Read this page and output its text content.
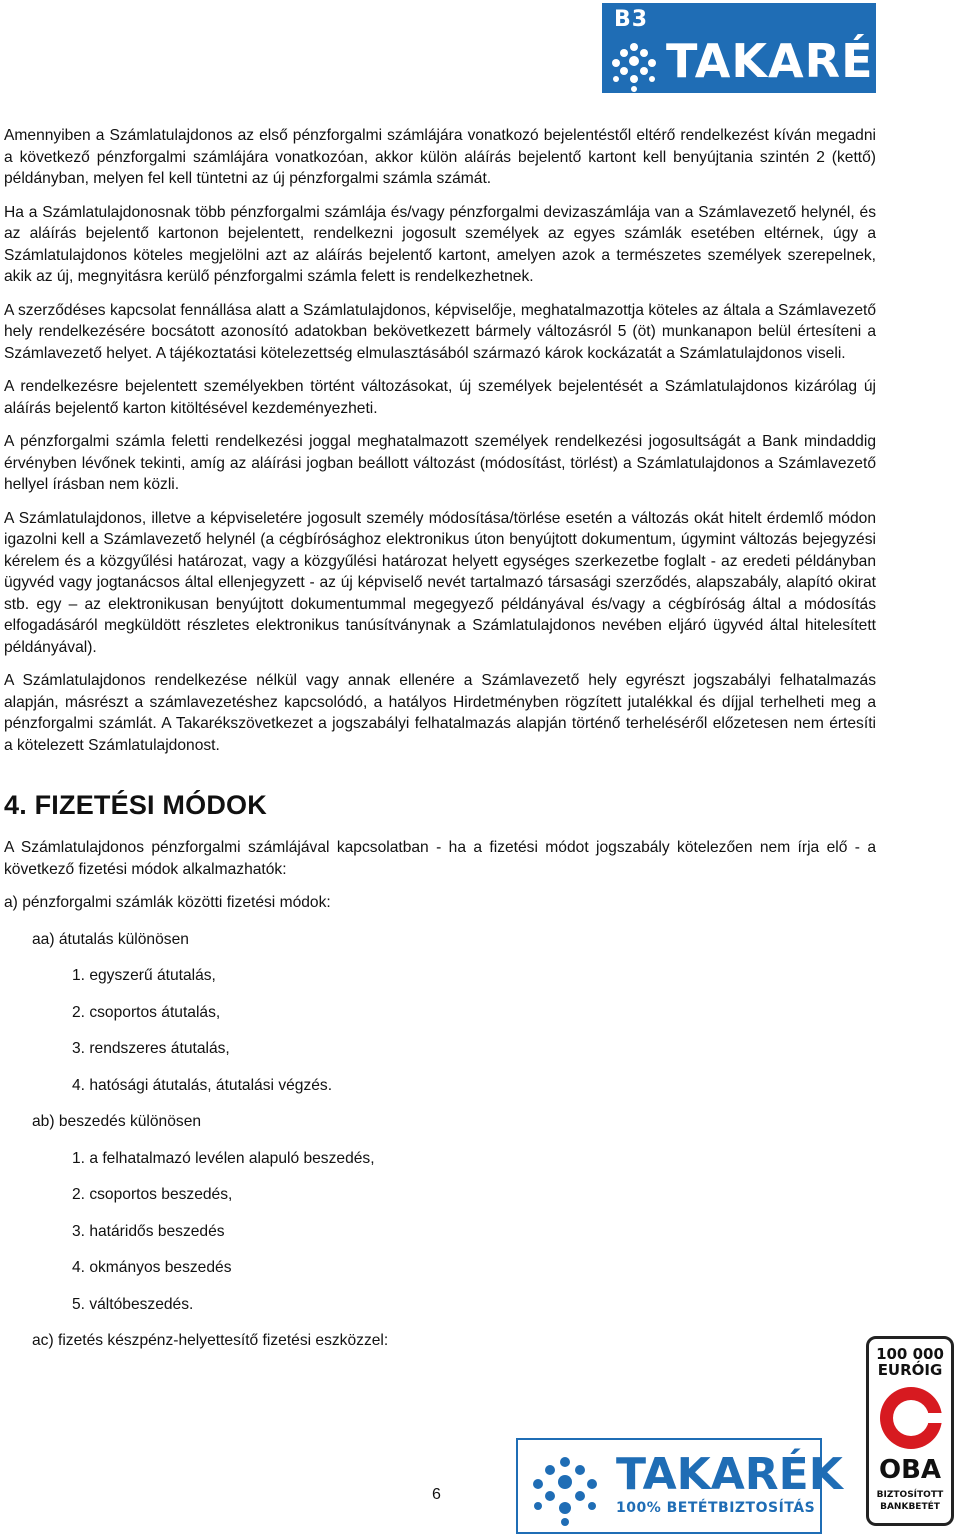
B3
TAKARÉK

Amennyiben a Számlatulajdonos az első pénzforgalmi számlájára vonatkozó bejelentéstől eltérő rendelkezést kíván megadni a következő pénzforgalmi számlájára vonatkozóan, akkor külön aláírás bejelentő kartont kell benyújtania szintén 2 (kettő) példányban, melyen fel kell tüntetni az új pénzforgalmi számla számát.

Ha a Számlatulajdonosnak több pénzforgalmi számlája és/vagy pénzforgalmi devizaszámlája van a Számlavezető helynél, és az aláírás bejelentő kartonon bejelentett, rendelkezni jogosult személyek az egyes számlák esetében eltérnek, úgy a Számlatulajdonos köteles megjelölni azt az aláírás bejelentő kartont, amelyen azok a természetes személyek szerepelnek, akik az új, megnyitásra kerülő pénzforgalmi számla felett is rendelkezhetnek.

A szerződéses kapcsolat fennállása alatt a Számlatulajdonos, képviselője, meghatalmazottja köteles az általa a Számlavezető hely rendelkezésére bocsátott azonosító adatokban bekövetkezett bármely változásról 5 (öt) munkanapon belül értesíteni a Számlavezető helyet. A tájékoztatási kötelezettség elmulasztásából származó károk kockázatát a Számlatulajdonos viseli.

A rendelkezésre bejelentett személyekben történt változásokat, új személyek bejelentését a Számlatulajdonos kizárólag új aláírás bejelentő karton kitöltésével kezdeményezheti.

A pénzforgalmi számla feletti rendelkezési joggal meghatalmazott személyek rendelkezési jogosultságát a Bank mindaddig érvényben lévőnek tekinti, amíg az aláírási jogban beállott változást (módosítást, törlést) a Számlatulajdonos a Számlavezető hellyel írásban nem közli.

A Számlatulajdonos, illetve a képviseletére jogosult személy módosítása/törlése esetén a változás okát hitelt érdemlő módon igazolni kell a Számlavezető helynél (a cégbírósághoz elektronikus úton benyújtott dokumentum, úgymint változás bejegyzési kérelem és a közgyűlési határozat, vagy a közgyűlési határozat helyett egységes szerkezetbe foglalt - az eredeti példányban ügyvéd vagy jogtanácsos által ellenjegyzett - az új képviselő nevét tartalmazó társasági szerződés, alapszabály, alapító okirat stb. egy – az elektronikusan benyújtott dokumentummal megegyező példányával és/vagy a cégbíróság által a módosítás elfogadásáról megküldött részletes elektronikus tanúsítványnak a Számlatulajdonos nevében eljáró ügyvéd által hitelesített példányával).

A Számlatulajdonos rendelkezése nélkül vagy annak ellenére a Számlavezető hely egyrészt jogszabályi felhatalmazás alapján, másrészt a számlavezetéshez kapcsolódó, a hatályos Hirdetményben rögzített jutalékkal és díjjal terhelheti meg a pénzforgalmi számlát. A Takarékszövetkezet a jogszabályi felhatalmazás alapján történő terheléséről előzetesen nem értesíti a kötelezett Számlatulajdonost.

4. FIZETÉSI MÓDOK

A Számlatulajdonos pénzforgalmi számlájával kapcsolatban - ha a fizetési módot jogszabály kötelezően nem írja elő - a következő fizetési módok alkalmazhatók:

a) pénzforgalmi számlák közötti fizetési módok:

aa) átutalás különösen

1. egyszerű átutalás,

2. csoportos átutalás,

3. rendszeres átutalás,

4. hatósági átutalás, átutalási végzés.

ab) beszedés különösen

1. a felhatalmazó levélen alapuló beszedés,

2. csoportos beszedés,

3. határidős beszedés

4. okmányos beszedés

5. váltóbeszedés.

ac) fizetés készpénz-helyettesítő fizetési eszközzel:

6	TAKARÉK
100% BETÉTBIZTOSÍTÁS
100 000
EURÓIG
OBA
BIZTOSÍTOTT
BANKBETÉT
